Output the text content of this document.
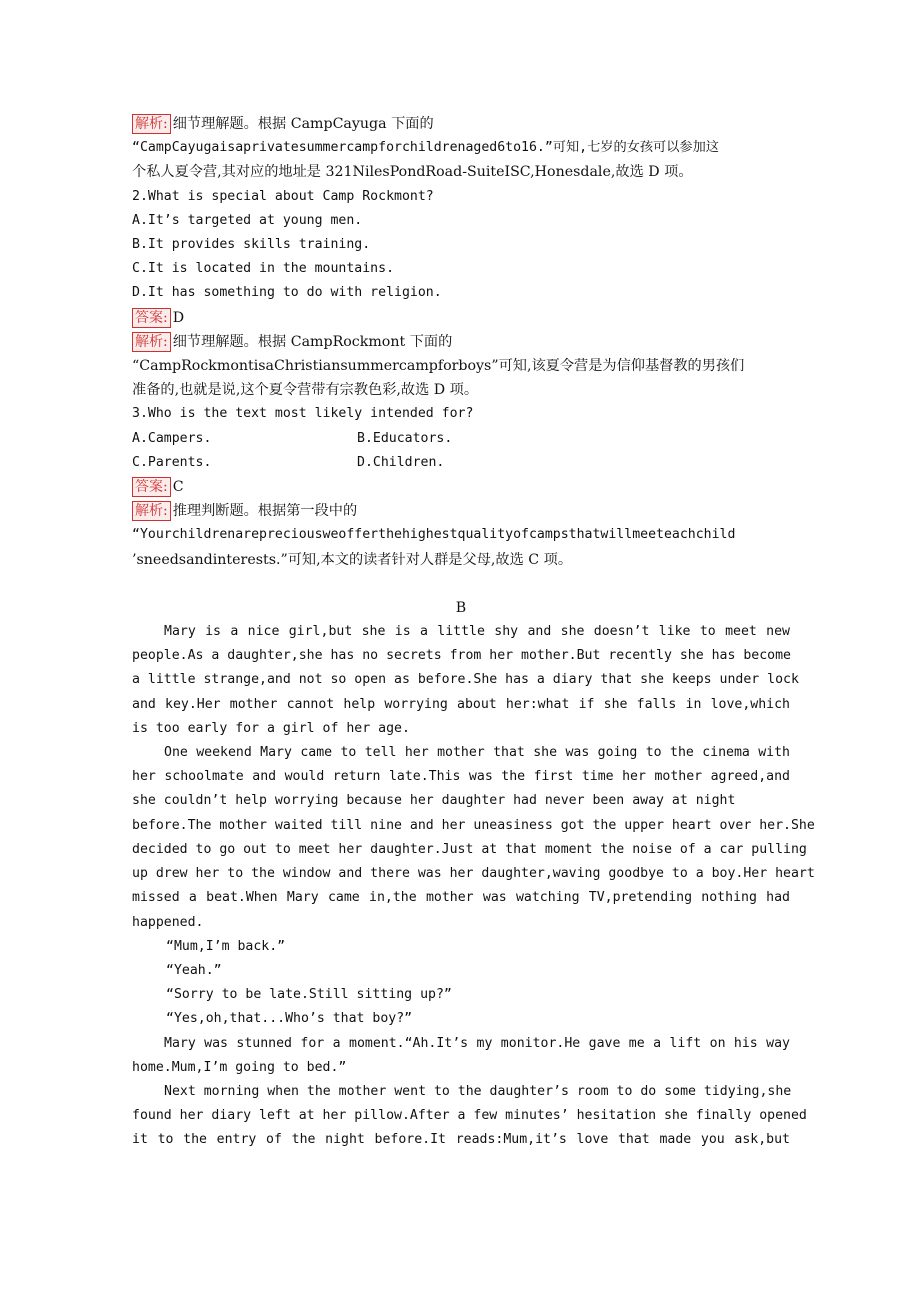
解析: 细节理解题。根据 CampCayuga 下面的
“CampCayugaisaprivatesummercampforchildrenaged6to16.”可知,七岁的女孩可以参加这
个私人夏令营,其对应的地址是 321NilesPondRoad-SuiteISC,Honesdale,故选 D 项。
2.What is special about Camp Rockmont?
A.It’s targeted at young men.
B.It provides skills training.
C.It is located in the mountains.
D.It has something to do with religion.
答案: D
解析: 细节理解题。根据 CampRockmont 下面的
“CampRockmontisaChristiansummercampforboys”可知,该夏令营是为信仰基督教的男孩们
准备的,也就是说,这个夏令营带有宗教色彩,故选 D 项。
3.Who is the text most likely intended for?
A.Campers.	B.Educators.
C.Parents.	D.Children.
答案: C
解析: 推理判断题。根据第一段中的
“Yourchildrenarepreciousweofferthehighestqualityofcampsthatwillmeeteachchild
’sneedsandinterests.”可知,本文的读者针对人群是父母,故选 C 项。
B
Mary is a nice girl,but she is a little shy and she doesn’t like to meet new
people.As a daughter,she has no secrets from her mother.But recently she has become
a little strange,and not so open as before.She has a diary that she keeps under lock
and key.Her mother cannot help worrying about her:what if she falls in love,which
is too early for a girl of her age.
One weekend Mary came to tell her mother that she was going to the cinema with
her schoolmate and would return late.This was the first time her mother agreed,and
she couldn’t help worrying because her daughter had never been away at night
before.The mother waited till nine and her uneasiness got the upper heart over her.She
decided to go out to meet her daughter.Just at that moment the noise of a car pulling
up drew her to the window and there was her daughter,waving goodbye to a boy.Her heart
missed a beat.When Mary came in,the mother was watching TV,pretending nothing had
happened.
“Mum,I’m back.”
“Yeah.”
“Sorry to be late.Still sitting up?”
“Yes,oh,that...Who’s that boy?”
Mary was stunned for a moment.“Ah.It’s my monitor.He gave me a lift on his way
home.Mum,I’m going to bed.”
Next morning when the mother went to the daughter’s room to do some tidying,she
found her diary left at her pillow.After a few minutes’ hesitation she finally opened
it to the entry of the night before.It reads:Mum,it’s love that made you ask,but
